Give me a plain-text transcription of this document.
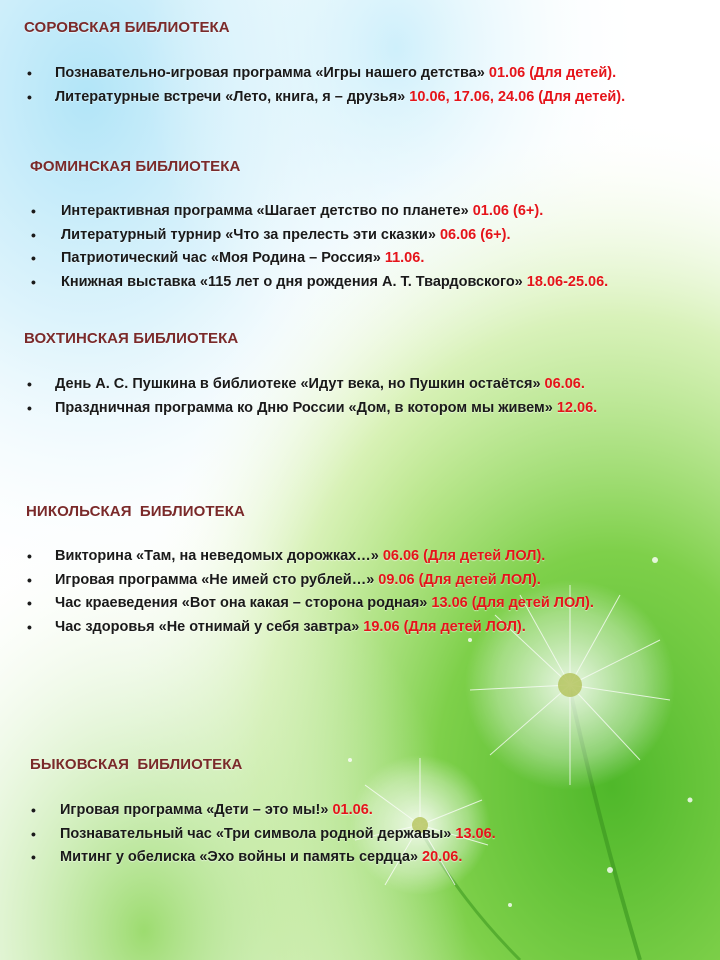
СОРОВСКАЯ БИБЛИОТЕКА
• Познавательно-игровая программа «Игры нашего детства» 01.06 (Для детей).
• Литературные встречи «Лето, книга, я – друзья» 10.06, 17.06, 24.06 (Для детей).
ФОМИНСКАЯ БИБЛИОТЕКА
• Интерактивная программа «Шагает детство по планете» 01.06 (6+).
• Литературный турнир «Что за прелесть эти сказки» 06.06 (6+).
• Патриотический час «Моя Родина – Россия» 11.06.
• Книжная выставка «115 лет о дня рождения А. Т. Твардовского» 18.06-25.06.
ВОХТИНСКАЯ БИБЛИОТЕКА
• День А. С. Пушкина в библиотеке «Идут века, но Пушкин остаётся» 06.06.
• Праздничная программа ко Дню России «Дом, в котором мы живем» 12.06.
НИКОЛЬСКАЯ БИБЛИОТЕКА
• Викторина «Там, на неведомых дорожках…» 06.06 (Для детей ЛОЛ).
• Игровая программа «Не имей сто рублей…» 09.06 (Для детей ЛОЛ).
• Час краеведения «Вот она какая – сторона родная» 13.06 (Для детей ЛОЛ).
• Час здоровья «Не отнимай у себя завтра» 19.06 (Для детей ЛОЛ).
БЫКОВСКАЯ БИБЛИОТЕКА
• Игровая программа «Дети – это мы!» 01.06.
• Познавательный час «Три символа родной державы» 13.06.
• Митинг у обелиска «Эхо войны и память сердца» 20.06.
